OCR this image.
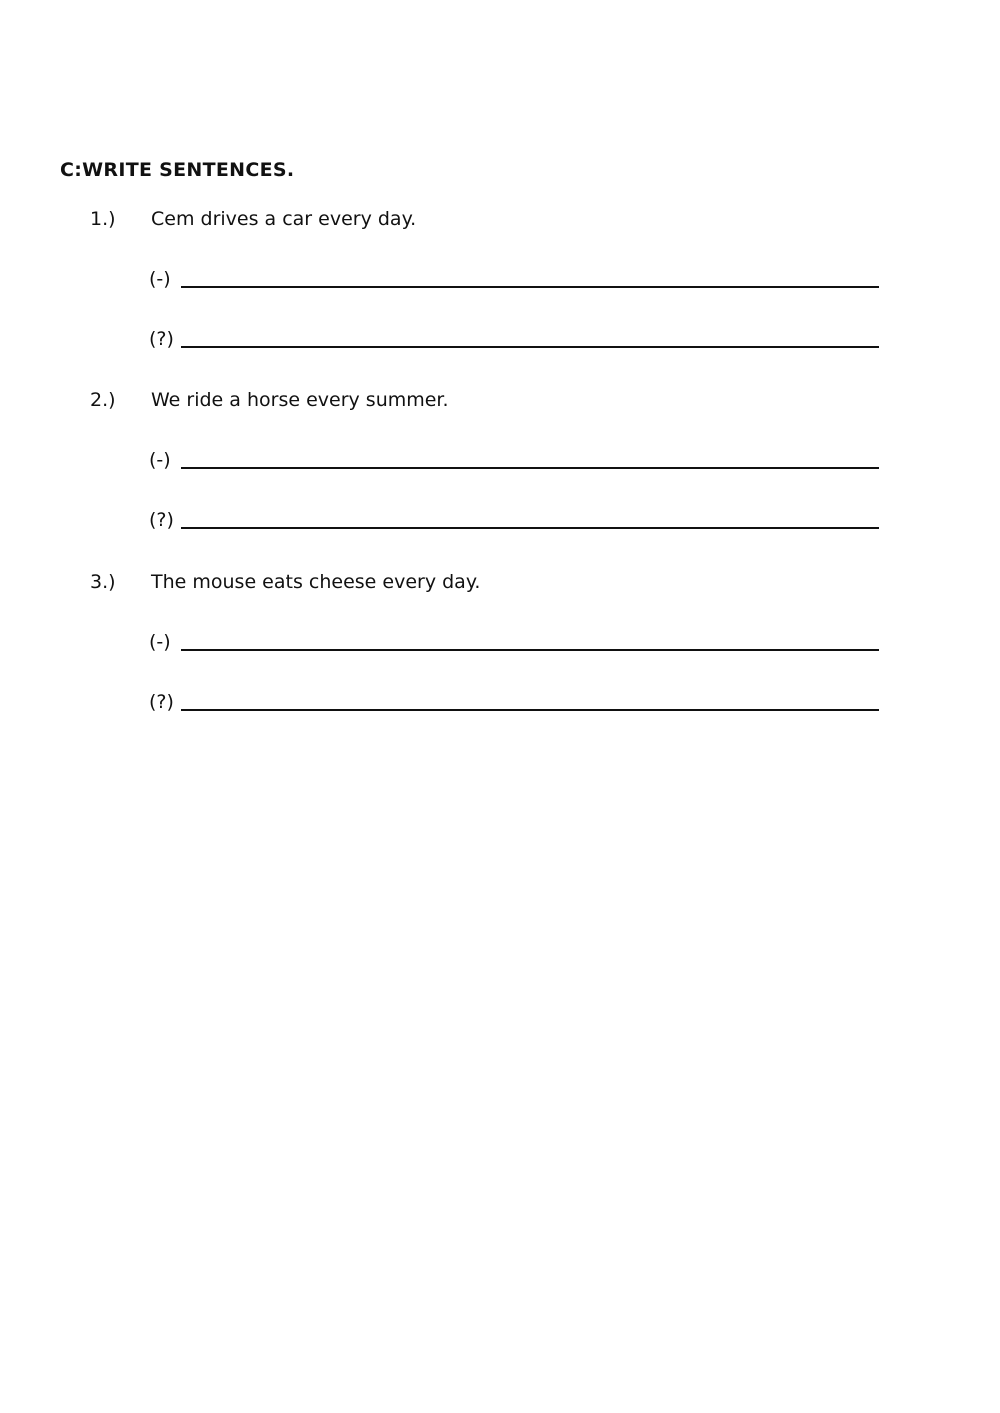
C:WRITE SENTENCES.
1.) Cem drives a car every day.
(-)
(?)
2.) We ride a horse every summer.
(-)
(?)
3.) The mouse eats cheese every day.
(-)
(?)
